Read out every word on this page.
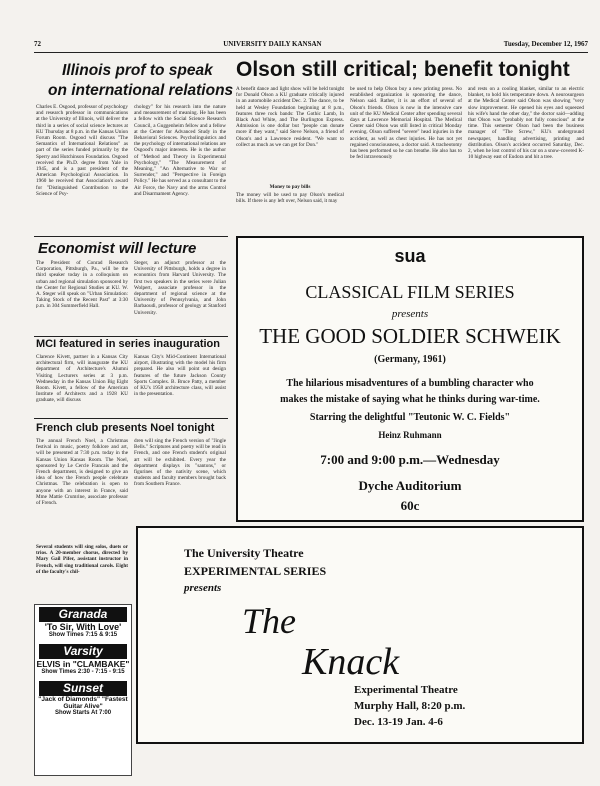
72	UNIVERSITY DAILY KANSAN	Tuesday, December 12, 1967
Illinois prof to speak
on international relations
Charles E. Osgood, professor of psychology and research professor in communications at the University of Illinois, will deliver the third in a series of social science lectures at KU Thursday at 8 p.m. in the Kansas Union Forum Room. Osgood will discuss "The Semantics of International Relations" as part of the series funded primarily by the Sperry and Hutchinson Foundation. Osgood received the Ph.D. degree from Yale in 1945, and is a past president of the American Psychological Association. In 1960 he received that Association's award for "Distinguished Contribution to the Science of Psy-
chology" for his research into the nature and measurement of meaning. He has been a fellow with the Social Science Research Council, a Guggenheim fellow and a fellow at the Center for Advanced Study in the Behavioral Sciences. Psycholinguistics and the psychology of international relations are Osgood's major interests. He is the author of "Method and Theory in Experimental Psychology," "The Measurement of Meaning," "An Alternative to War or Surrender," and "Perspective in Foreign Policy." He has served as a consultant to the Air Force, the Navy and the arms Control and Disarmament Agency.
Economist will lecture
The President of Conrad Research Corporation, Pittsburgh, Pa., will be the third speaker today in a colloquium on urban and regional simulation sponsored by the Center for Regional Studies at KU. W. A. Steger will speak on "Urban Simulation: Taking Stock of the Recent Past" at 3:30 p.m. in 304 Summerfield Hall.
Steger, an adjunct professor at the University of Pittsburgh, holds a degree in economics from Harvard University. The first two speakers in the series were Julian Wolpert, associate professor in the department of regional science at the University of Pennsylvania, and John Barbaoudi, professor of geology at Stanford University.
MCI featured in series inauguration
Clarence Kivett, partner in a Kansas City architectural firm, will inaugurate the KU department of Architecture's Alumni Visiting Lecturers series at 3 p.m. Wednesday in the Kansas Union Big Eight Room. Kivett, a fellow of the American Institute of Architects and a 1928 KU graduate, will discuss
Kansas City's Mid-Continent International airport, illustrating with the model his firm prepared. He also will point out design features of the future Jackson County Sports Complex. B. Bruce Patty, a member of KU's 1958 architecture class, will assist in the presentation.
French club presents Noel tonight
The annual French Noel, a Christmas festival in music, poetry folklore and art, will be presented at 7:30 p.m. today in the Kansas Union Kansas Room. The Noel, sponsored by Le Cercle Francais and the French department, is designed to give an idea of how the French people celebrate Christmas. The celebration is open to anyone with an interest in France, said Mme Mattie Crumrine, associate professor of French.
Several students will sing solos, duets or trios. A 20-member chorus, directed by Mary Gail Pifer, assistant instructor in French, will sing traditional carols. Eight of the faculty's chil-
dren will sing the French version of "Jingle Bells." Scriptures and poetry will be read in French, and one French student's original art will be exhibited. Every year the department displays its "santons," or figurines of the nativity scene, which students and faculty members brought back from Southern France.
Granada
'To Sir, With Love'
Show Times 7:15 & 9:15
Varsity
ELVIS in "CLAMBAKE"
Show Times 2:30 - 7:15 - 9:15
Sunset
"Jack of Diamonds" "Fastest Guitar Alive"
Show Starts At 7:00
Olson still critical; benefit tonight
A benefit dance and light show will be held tonight for Donald Olson a KU graduate critically injured in an automobile accident Dec. 2. The dance, to be held at Wesley Foundation beginning at 8 p.m., features three rock bands: The Gothic Lamb, In Black And White, and The Burlington Express. Admission is one dollar but "people can donate more if they want," said Steve Nelson, a friend of Olson's and a Lawrence resident. "We want to collect as much as we can get for Don."
Money to pay bills
The money will be used to pay Olson's medical bills. If there is any left over, Nelson said, it may
be used to help Olson buy a new printing press. No established organization is sponsoring the dance, Nelson said. Rather, it is an effort of several of Olson's friends. Olson is now in the intensive care unit of the KU Medical Center after spending several days at Lawrence Memorial Hospital. The Medical Center said Olson was still listed in critical Monday evening. Olson suffered "severe" head injuries in the accident, as well as chest injuries. He has not yet regained consciousness, a doctor said. A tracheotomy has been performed so he can breathe. He also has to be fed intravenously
and rests on a cooling blanket, similar to an electric blanket, to hold his temperature down. A neurosurgeon at the Medical Center said Olson was showing "very slow improvement. He opened his eyes and squeezed his wife's hand the other day," the doctor said—adding that Olson was "probably not fully conscious" at the time. This semester Olson had been the business manager of "The Screw," KU's underground newspaper, handling advertising, printing and distribution. Olson's accident occurred Saturday, Dec. 2, when he lost control of his car on a snow-covered K-10 highway east of Eudora and hit a tree.
sua
CLASSICAL FILM SERIES
presents
THE GOOD SOLDIER SCHWEIK
(Germany, 1961)
The hilarious misadventures of a bumbling character who
makes the mistake of saying what he thinks during war-time.
Starring the delightful "Teutonic W. C. Fields"
Heinz Ruhmann
7:00 and 9:00 p.m.—Wednesday
Dyche Auditorium
60c
The University Theatre
EXPERIMENTAL SERIES
presents
The
Knack
Experimental Theatre
Murphy Hall, 8:20 p.m.
Dec. 13-19 Jan. 4-6
